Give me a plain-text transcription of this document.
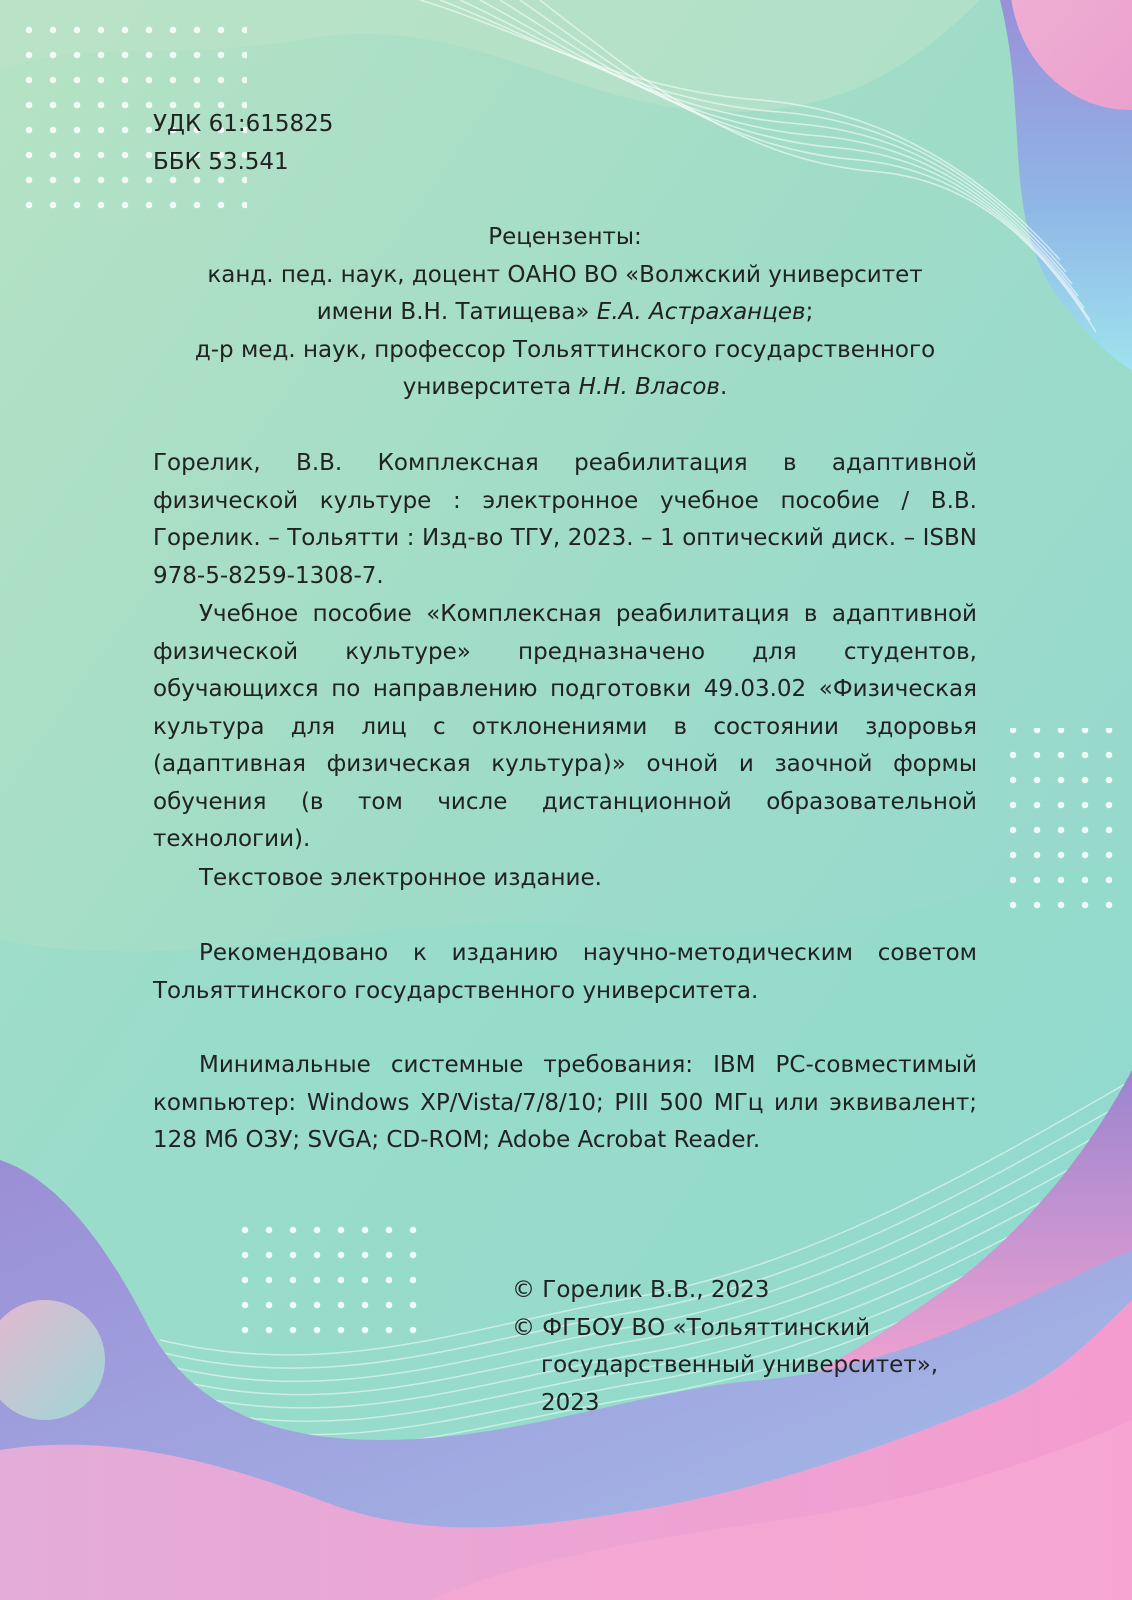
УДК 61:615825
ББК 53.541
Рецензенты:
канд. пед. наук, доцент ОАНО ВО «Волжский университет
имени В.Н. Татищева» Е.А. Астраханцев;
д-р мед. наук, профессор Тольяттинского государственного
университета Н.Н. Власов.

Горелик, В.В. Комплексная реабилитация в адаптивной физической культуре : электронное учебное пособие / В.В. Горелик. – Тольятти : Изд-во ТГУ, 2023. – 1 оптический диск. – ISBN 978-5-8259-1308-7.

Учебное пособие «Комплексная реабилитация в адаптивной физической культуре» предназначено для студентов, обучающихся по направлению подготовки 49.03.02 «Физическая культура для лиц с отклонениями в состоянии здоровья (адаптивная физическая культура)» очной и заочной формы обучения (в том числе дистанционной образовательной технологии).

Текстовое электронное издание.

Рекомендовано к изданию научно-методическим советом Тольяттинского государственного университета.

Минимальные системные требования: IBM PC-совместимый компьютер: Windows XP/Vista/7/8/10; PIII 500 МГц или эквивалент; 128 Мб ОЗУ; SVGA; CD-ROM; Adobe Acrobat Reader.

© Горелик В.В., 2023
© ФГБОУ ВО «Тольяттинский
государственный университет», 2023
